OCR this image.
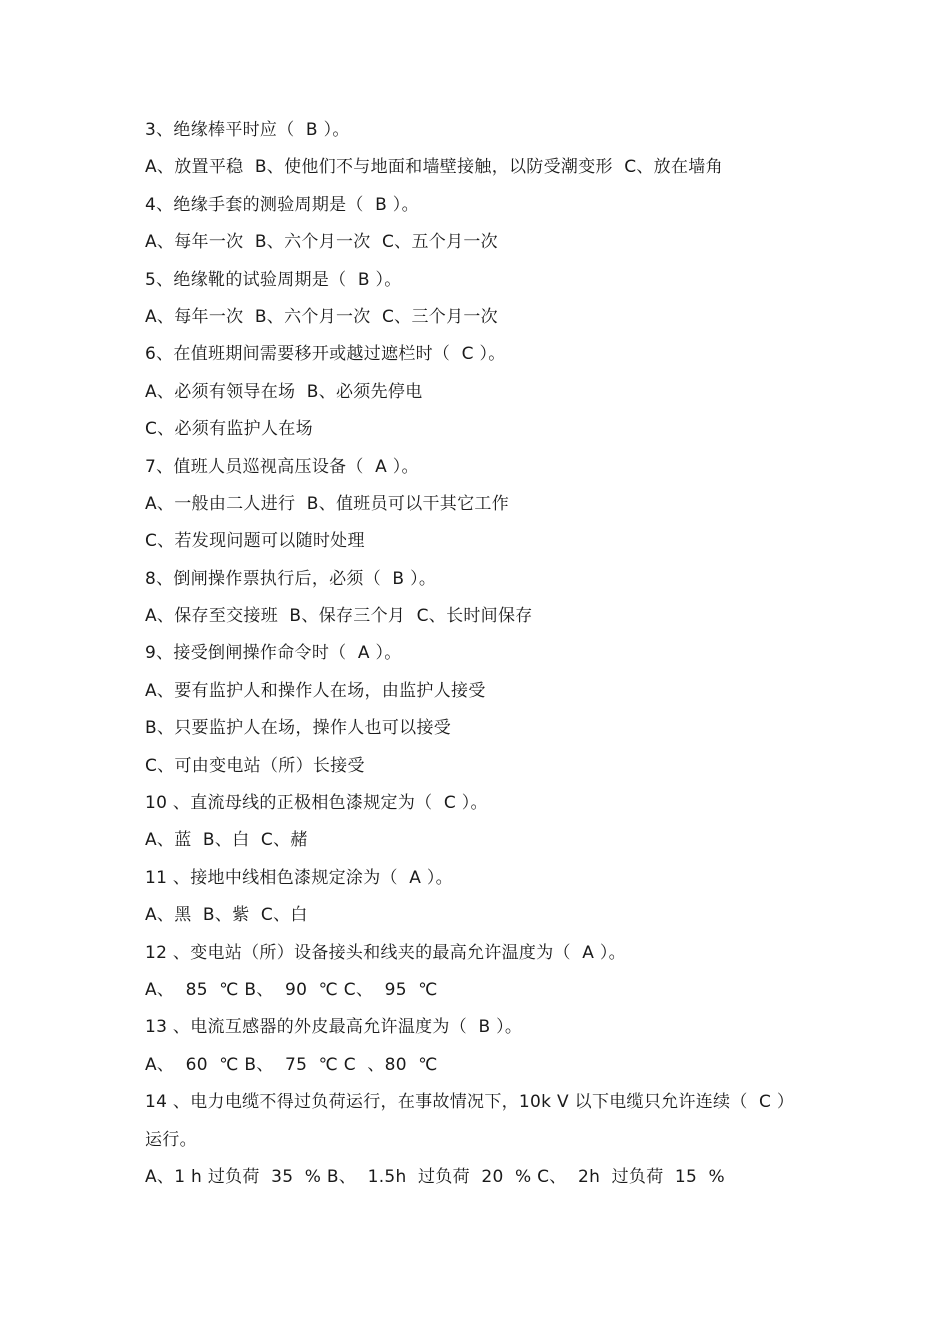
3、绝缘棒平时应（  B ）。
A、放置平稳  B、使他们不与地面和墙壁接触，以防受潮变形  C、放在墙角
4、绝缘手套的测验周期是（  B ）。
A、每年一次  B、六个月一次  C、五个月一次
5、绝缘靴的试验周期是（  B ）。
A、每年一次  B、六个月一次  C、三个月一次
6、在值班期间需要移开或越过遮栏时（  C ）。
A、必须有领导在场  B、必须先停电
C、必须有监护人在场
7、值班人员巡视高压设备（  A ）。
A、一般由二人进行  B、值班员可以干其它工作
C、若发现问题可以随时处理
8、倒闸操作票执行后，必须（  B ）。
A、保存至交接班  B、保存三个月  C、长时间保存
9、接受倒闸操作命令时（  A ）。
A、要有监护人和操作人在场，由监护人接受
B、只要监护人在场，操作人也可以接受
C、可由变电站（所）长接受
10 、直流母线的正极相色漆规定为（  C ）。
A、蓝  B、白  C、赭
11 、接地中线相色漆规定涂为（  A ）。
A、黑  B、紫  C、白
12 、变电站（所）设备接头和线夹的最高允许温度为（  A ）。
A、  85  ℃ B、  90  ℃ C、  95  ℃
13 、电流互感器的外皮最高允许温度为（  B ）。
A、  60  ℃ B、  75  ℃ C  、80  ℃
14 、电力电缆不得过负荷运行，在事故情况下，10k V 以下电缆只允许连续（  C ）
运行。
A、1 h 过负荷  35  % B、  1.5h  过负荷  20  % C、  2h  过负荷  15  %
